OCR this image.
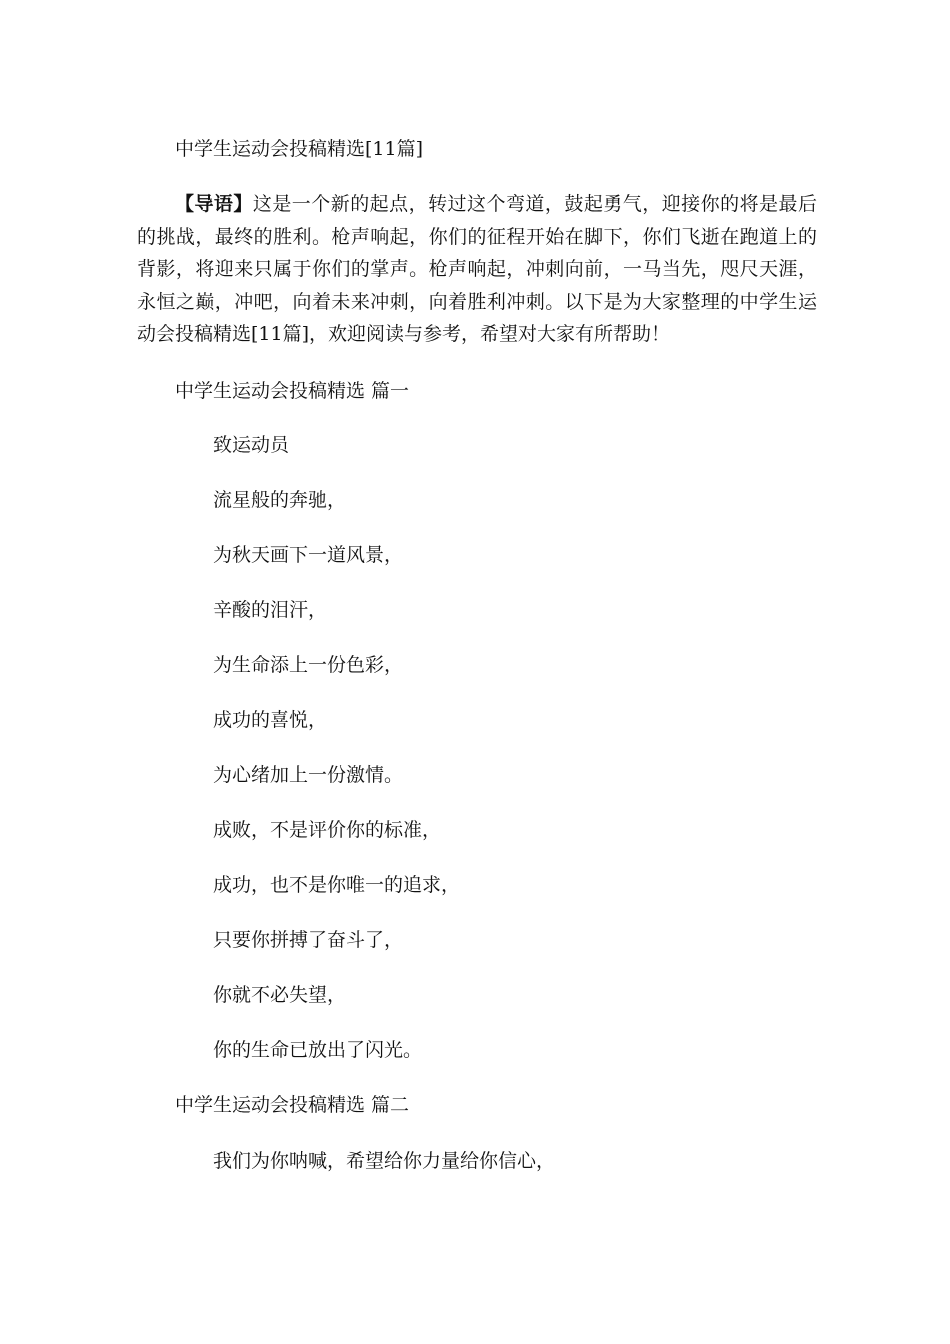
中学生运动会投稿精选[11篇]

【导语】这是一个新的起点，转过这个弯道，鼓起勇气，迎接你的将是最后的挑战，最终的胜利。枪声响起，你们的征程开始在脚下，你们飞逝在跑道上的背影，将迎来只属于你们的掌声。枪声响起，冲刺向前，一马当先，咫尺天涯，永恒之巅，冲吧，向着未来冲刺，向着胜利冲刺。以下是为大家整理的中学生运动会投稿精选[11篇]，欢迎阅读与参考，希望对大家有所帮助！

中学生运动会投稿精选 篇一

致运动员

流星般的奔驰，

为秋天画下一道风景，

辛酸的泪汗，

为生命添上一份色彩，

成功的喜悦，

为心绪加上一份激情。

成败，不是评价你的标准，

成功，也不是你唯一的追求，

只要你拼搏了奋斗了，

你就不必失望，

你的生命已放出了闪光。

中学生运动会投稿精选 篇二

我们为你呐喊，希望给你力量给你信心，
